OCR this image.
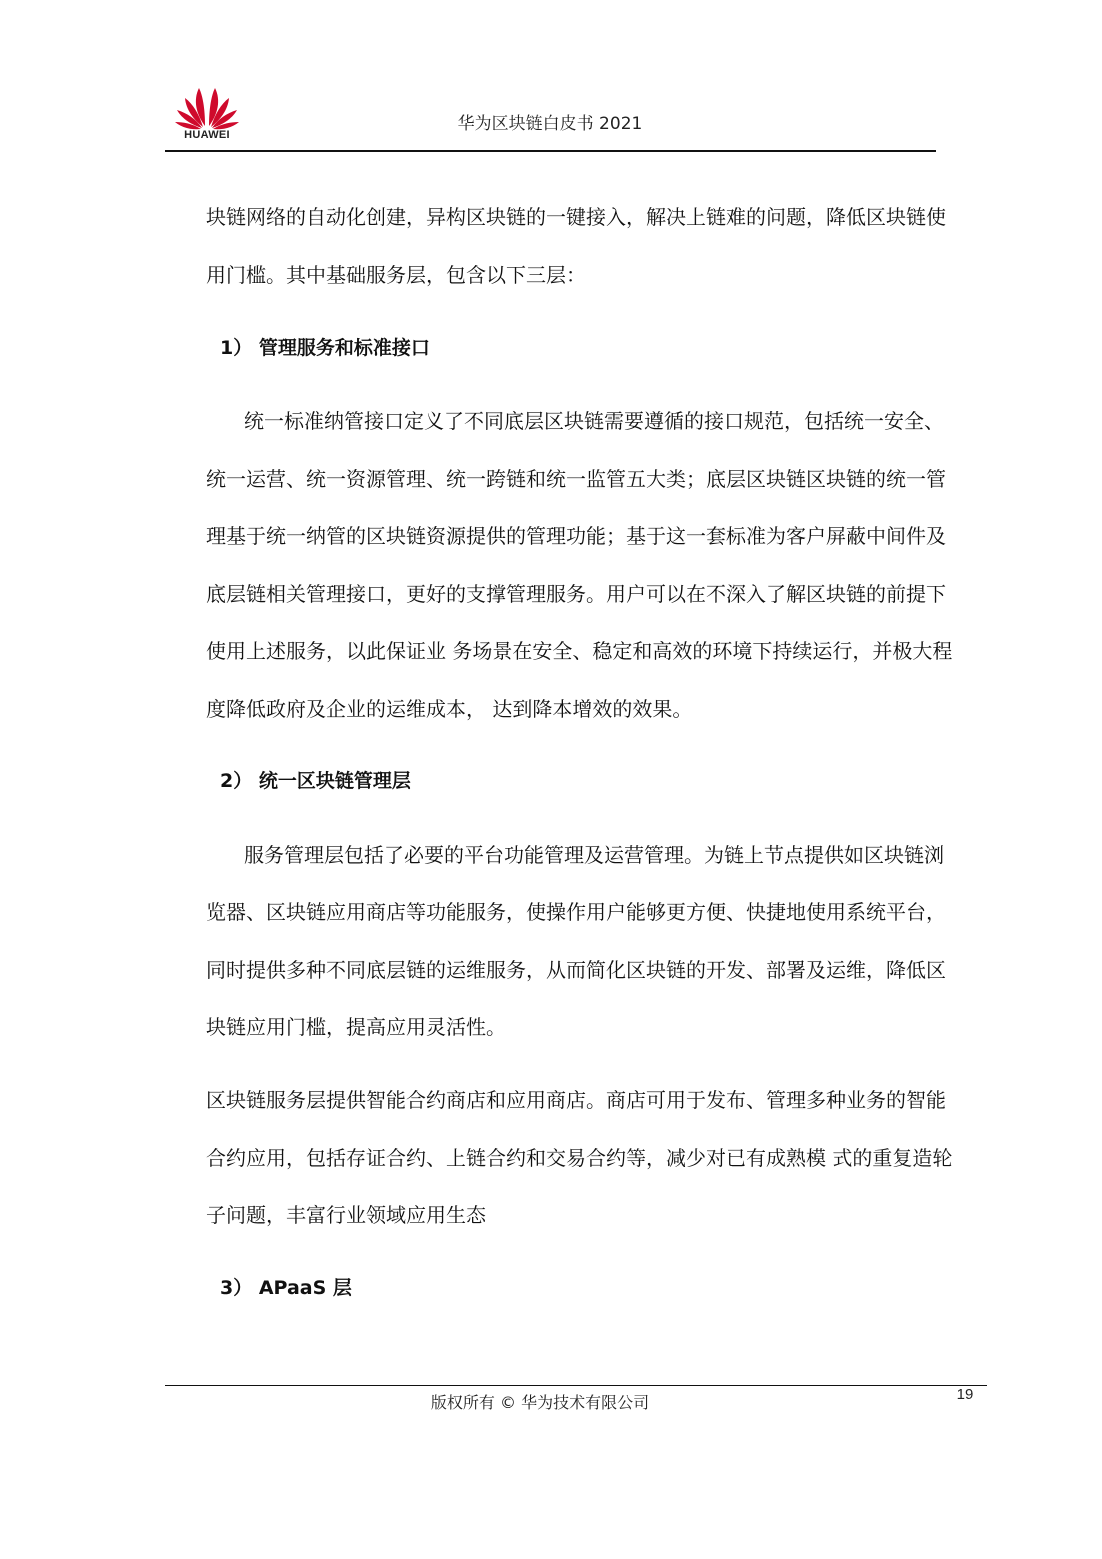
HUAWEI
华为区块链白皮书 2021
块链网络的自动化创建，异构区块链的一键接入，解决上链难的问题，降低区块链使
用门槛。其中基础服务层，包含以下三层：
1） 管理服务和标准接口
统一标准纳管接口定义了不同底层区块链需要遵循的接口规范，包括统一安全、
统一运营、统一资源管理、统一跨链和统一监管五大类；底层区块链区块链的统一管
理基于统一纳管的区块链资源提供的管理功能；基于这一套标准为客户屏蔽中间件及
底层链相关管理接口，更好的支撑管理服务。用户可以在不深入了解区块链的前提下
使用上述服务，以此保证业 务场景在安全、稳定和高效的环境下持续运行，并极大程
度降低政府及企业的运维成本， 达到降本增效的效果。
2） 统一区块链管理层
服务管理层包括了必要的平台功能管理及运营管理。为链上节点提供如区块链浏
览器、区块链应用商店等功能服务，使操作用户能够更方便、快捷地使用系统平台，
同时提供多种不同底层链的运维服务，从而简化区块链的开发、部署及运维，降低区
块链应用门槛，提高应用灵活性。
区块链服务层提供智能合约商店和应用商店。商店可用于发布、管理多种业务的智能
合约应用，包括存证合约、上链合约和交易合约等，减少对已有成熟模 式的重复造轮
子问题，丰富行业领域应用生态
3） APaaS 层
版权所有 © 华为技术有限公司	19
